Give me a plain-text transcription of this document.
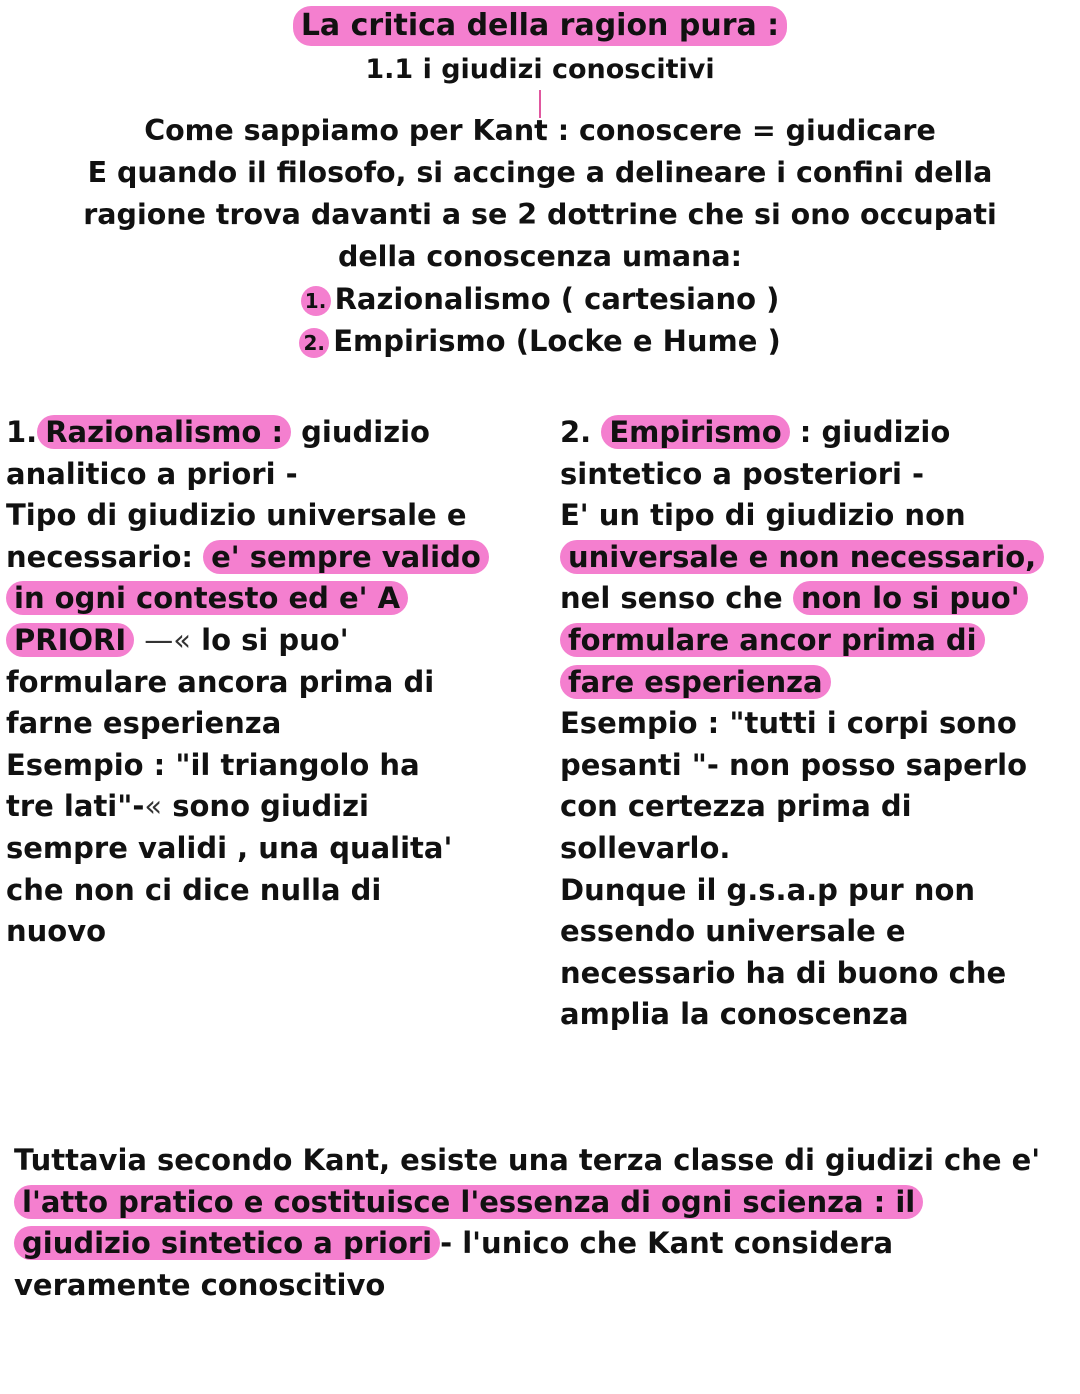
La critica della ragion pura :
1.1 i giudizi conoscitivi

Come sappiamo per Kant : conoscere = giudicare

E quando il filosofo, si accinge a delineare i confini della

ragione trova davanti a se 2 dottrine che si ono occupati

della conoscenza umana:

1. Razionalismo ( cartesiano )

2. Empirismo (Locke e Hume )

1. Razionalismo : giudizio

analitico a priori -

Tipo di giudizio universale e

necessario: e' sempre valido

in ogni contesto ed e' A

PRIORI —« lo si puo'

formulare ancora prima di

farne esperienza

Esempio : "il triangolo ha

tre lati"-« sono giudizi

sempre validi , una qualita'

che non ci dice nulla di

nuovo

2. Empirismo : giudizio

sintetico a posteriori -

E' un tipo di giudizio non

universale e non necessario,

nel senso che non lo si puo'

formulare ancor prima di

fare esperienza

Esempio : "tutti i corpi sono

pesanti "- non posso saperlo

con certezza prima di

sollevarlo.

Dunque il g.s.a.p pur non

essendo universale e

necessario ha di buono che

amplia la conoscenza

Tuttavia secondo Kant, esiste una terza classe di giudizi che e'

l'atto pratico e costituisce l'essenza di ogni scienza : il

giudizio sintetico a priori - l'unico che Kant considera

veramente conoscitivo
